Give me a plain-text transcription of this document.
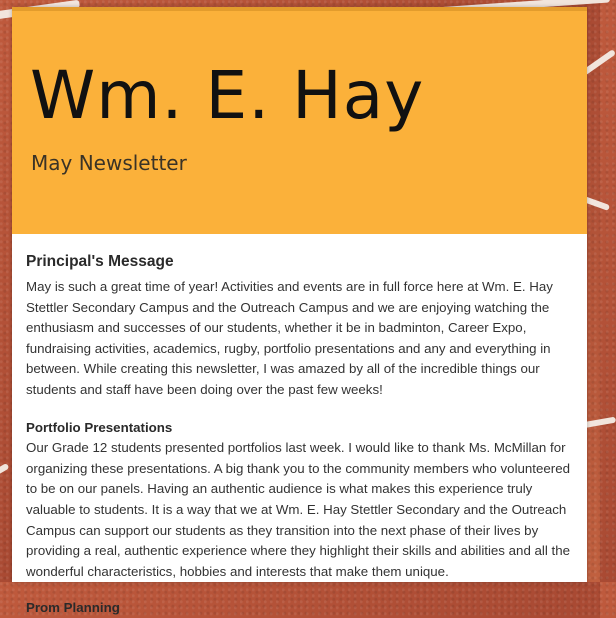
Wm. E. Hay

May Newsletter

Principal's Message

May is such a great time of year! Activities and events are in full force here at Wm. E. Hay Stettler Secondary Campus and the Outreach Campus and we are enjoying watching the enthusiasm and successes of our students, whether it be in badminton, Career Expo, fundraising activities, academics, rugby, portfolio presentations and any and everything in between. While creating this newsletter, I was amazed by all of the incredible things our students and staff have been doing over the past few weeks!

Portfolio Presentations

Our Grade 12 students presented portfolios last week. I would like to thank Ms. McMillan for organizing these presentations. A big thank you to the community members who volunteered to be on our panels. Having an authentic audience is what makes this experience truly valuable to students. It is a way that we at Wm. E. Hay Stettler Secondary and the Outreach Campus can support our students as they transition into the next phase of their lives by providing a real, authentic experience where they highlight their skills and abilities and all the wonderful characteristics, hobbies and interests that make them unique.

Prom Planning
